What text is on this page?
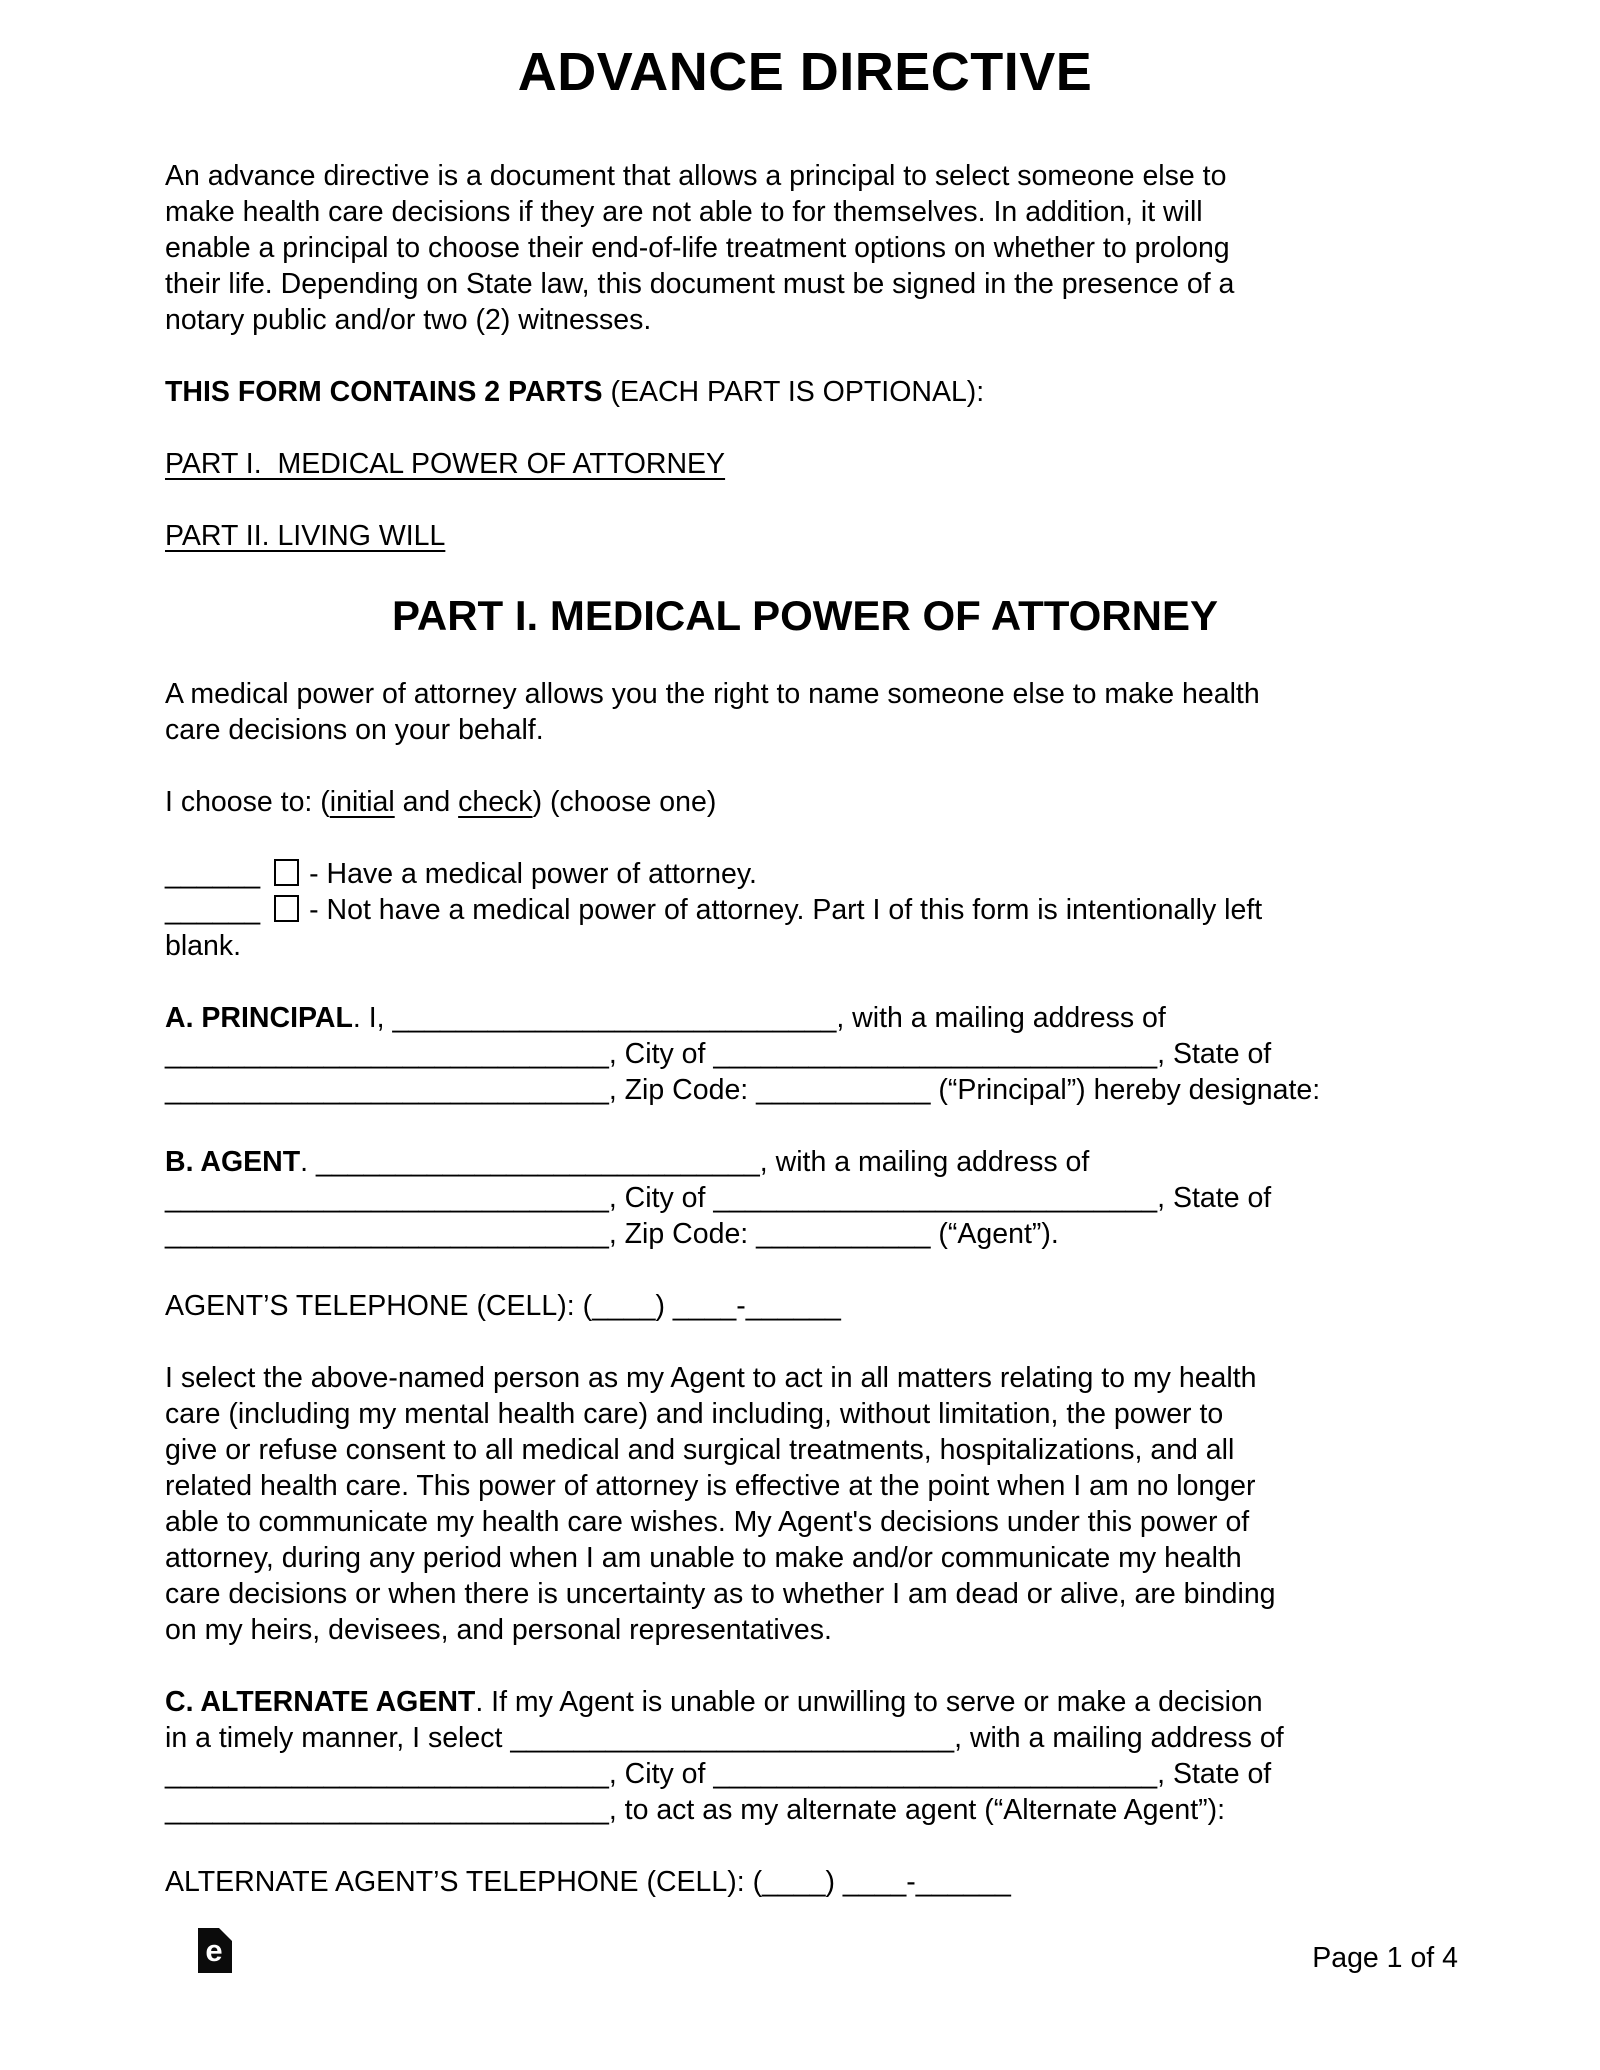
ADVANCE DIRECTIVE
An advance directive is a document that allows a principal to select someone else to
make health care decisions if they are not able to for themselves. In addition, it will
enable a principal to choose their end-of-life treatment options on whether to prolong
their life. Depending on State law, this document must be signed in the presence of a
notary public and/or two (2) witnesses.
THIS FORM CONTAINS 2 PARTS (EACH PART IS OPTIONAL):
PART I.  MEDICAL POWER OF ATTORNEY
PART II. LIVING WILL
PART I. MEDICAL POWER OF ATTORNEY
A medical power of attorney allows you the right to name someone else to make health
care decisions on your behalf.
I choose to: (initial and check) (choose one)
______ - Have a medical power of attorney.
______ - Not have a medical power of attorney. Part I of this form is intentionally left
blank.
A. PRINCIPAL. I, ____________________________, with a mailing address of
____________________________, City of ____________________________, State of
____________________________, Zip Code: ___________ (“Principal”) hereby designate:
B. AGENT. ____________________________, with a mailing address of
____________________________, City of ____________________________, State of
____________________________, Zip Code: ___________ (“Agent”).
AGENT’S TELEPHONE (CELL): (____) ____-______
I select the above-named person as my Agent to act in all matters relating to my health
care (including my mental health care) and including, without limitation, the power to
give or refuse consent to all medical and surgical treatments, hospitalizations, and all
related health care. This power of attorney is effective at the point when I am no longer
able to communicate my health care wishes. My Agent's decisions under this power of
attorney, during any period when I am unable to make and/or communicate my health
care decisions or when there is uncertainty as to whether I am dead or alive, are binding
on my heirs, devisees, and personal representatives.
C. ALTERNATE AGENT. If my Agent is unable or unwilling to serve or make a decision
in a timely manner, I select ____________________________, with a mailing address of
____________________________, City of ____________________________, State of
____________________________, to act as my alternate agent (“Alternate Agent”):
ALTERNATE AGENT’S TELEPHONE (CELL): (____) ____-______
e	Page 1 of 4
